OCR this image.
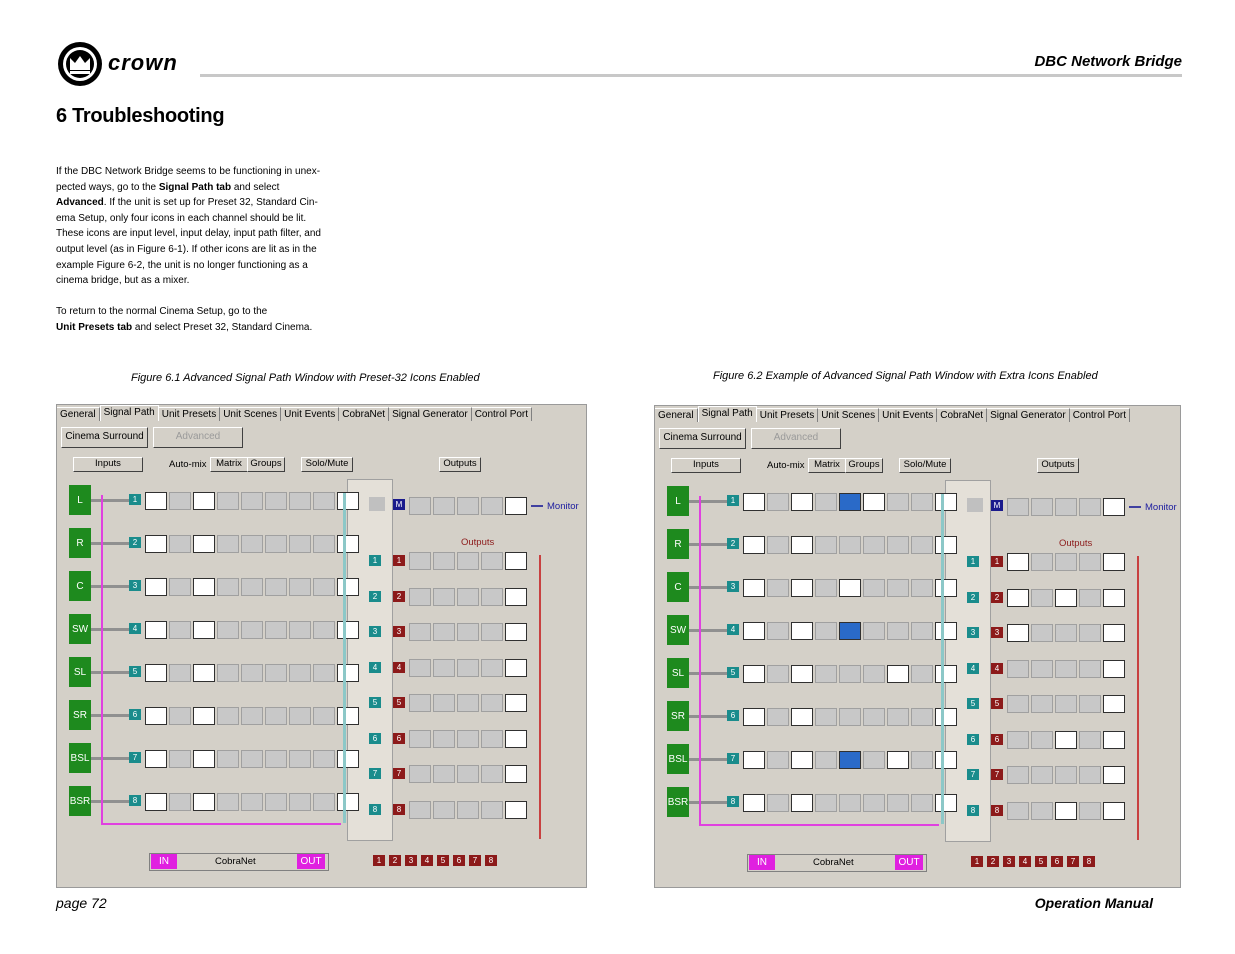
crown	DBC Network Bridge
6 Troubleshooting

If the DBC Network Bridge seems to be functioning in unex-pected ways, go to the Signal Path tab and select Advanced. If the unit is set up for Preset 32, Standard Cin-ema Setup, only four icons in each channel should be lit. These icons are input level, input delay, input path filter, and output level (as in Figure 6-1). If other icons are lit as in the example Figure 6-2, the unit is no longer functioning as a cinema bridge, but as a mixer.

To return to the normal Cinema Setup, go to the
Unit Presets tab and select Preset 32, Standard Cinema.

Figure 6.1 Advanced Signal Path Window with Preset-32 Icons Enabled	Figure 6.2 Example of Advanced Signal Path Window with Extra Icons Enabled
General Signal Path Unit Presets Unit Scenes Unit Events CobraNet Signal Generator Control Port
Cinema Surround	Advanced
Inputs	Auto-mix	Matrix Groups	Solo/Mute	Outputs
L	1
R	2
C	3
SW	4
SL	5
SR	6
BSL	7
BSR	8
M	Monitor
Outputs
1	1
2	2
3	3
4	4
5	5
6	6
7	7
8	8
IN	CobraNet	OUT	1	2	3	4	5	6	7	8
General Signal Path Unit Presets Unit Scenes Unit Events CobraNet Signal Generator Control Port
Cinema Surround	Advanced
Inputs	Auto-mix	Matrix Groups	Solo/Mute	Outputs
L	1
R	2
C	3
SW	4
SL	5
SR	6
BSL	7
BSR	8
M	Monitor
Outputs
1	1
2	2
3	3
4	4
5	5
6	6
7	7
8	8
IN	CobraNet	OUT	1	2	3	4	5	6	7	8
page 72	Operation Manual
